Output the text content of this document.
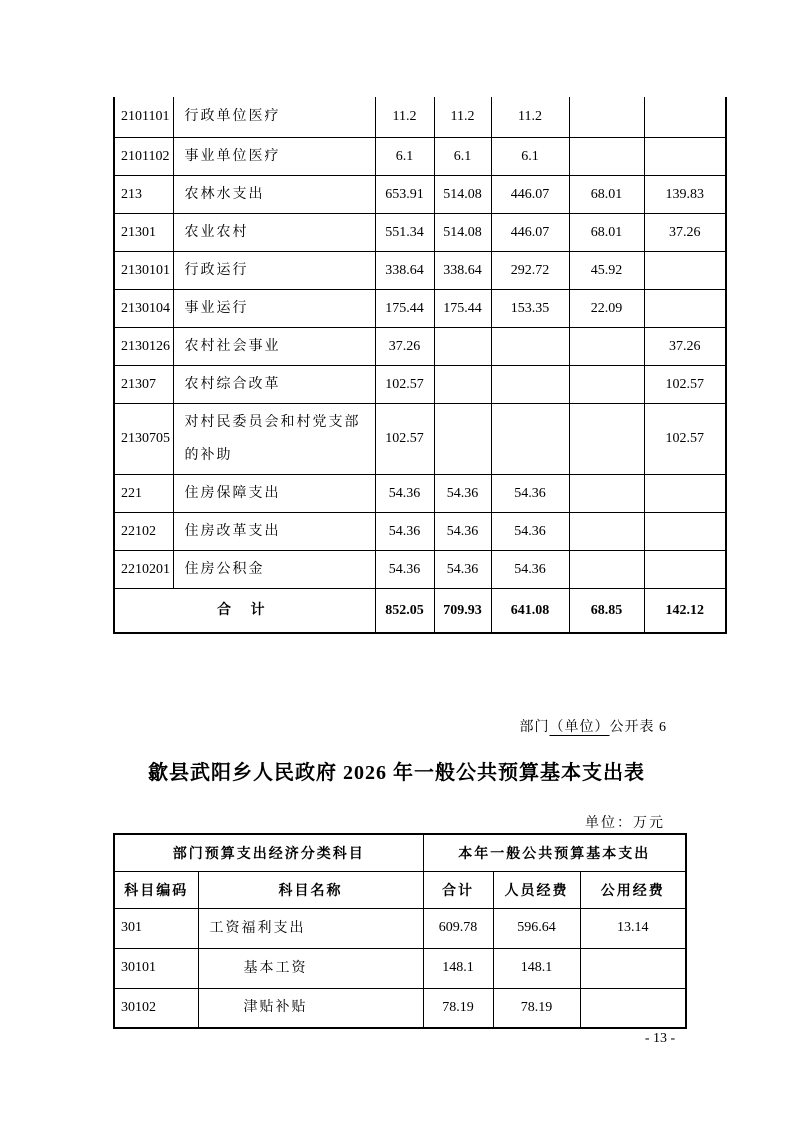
2101101	行政单位医疗	11.2	11.2	11.2		
2101102	事业单位医疗	6.1	6.1	6.1		
213	农林水支出	653.91	514.08	446.07	68.01	139.83
21301	农业农村	551.34	514.08	446.07	68.01	37.26
2130101	行政运行	338.64	338.64	292.72	45.92	
2130104	事业运行	175.44	175.44	153.35	22.09	
2130126	农村社会事业	37.26				37.26
21307	农村综合改革	102.57				102.57
2130705	对村民委员会和村党支部的补助	102.57				102.57
221	住房保障支出	54.36	54.36	54.36		
22102	住房改革支出	54.36	54.36	54.36		
2210201	住房公积金	54.36	54.36	54.36		
合 计		852.05	709.93	641.08	68.85	142.12
部门（单位）公开表 6
歙县武阳乡人民政府 2026 年一般公共预算基本支出表
单位：万元
部门预算支出经济分类科目		本年一般公共预算基本支出		
科目编码	科目名称	合计	人员经费	公用经费
301	工资福利支出	609.78	596.64	13.14
30101	基本工资	148.1	148.1	
30102	津贴补贴	78.19	78.19	
- 13 -
